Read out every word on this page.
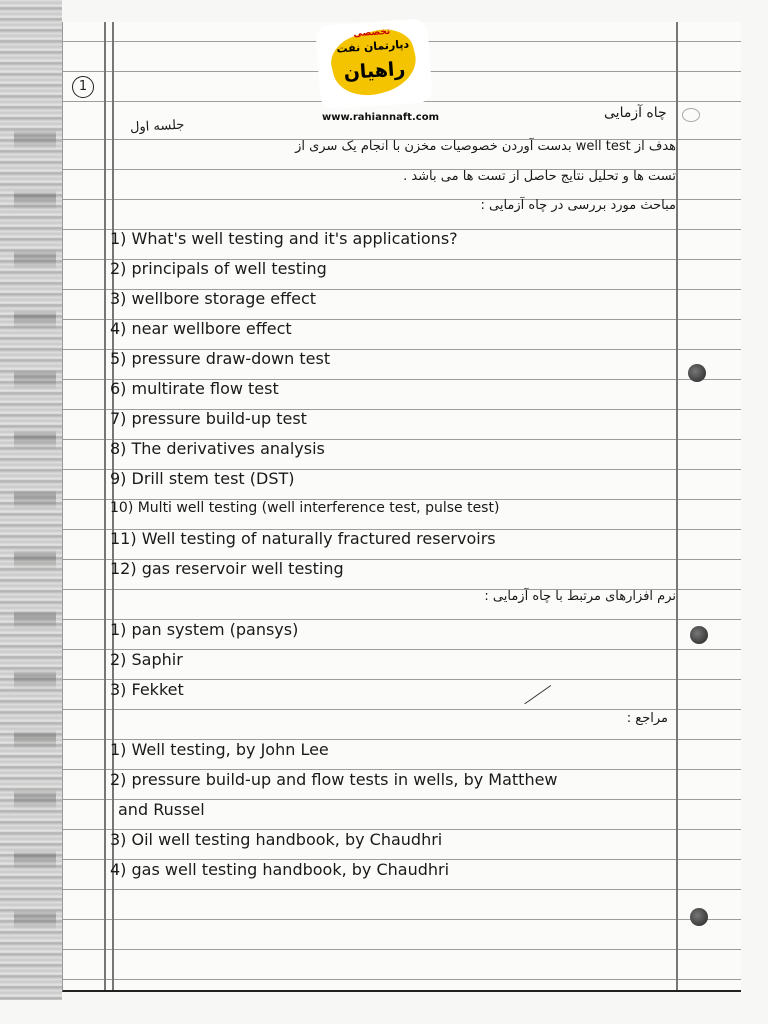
1
تخصصی
دپارتمان نفت
راهیان
www.rahiannaft.com
جلسه اول
چاه آزمایی
هدف از well test بدست آوردن خصوصیات مخزن با انجام یک سری از
تست ها و تحلیل نتایج حاصل از تست ها می باشد .
مباحث مورد بررسی در چاه آزمایی :
1) What's well testing and it's applications?
2) principals of well testing
3) wellbore storage effect
4) near wellbore effect
5) pressure draw-down test
6) multirate flow test
7) pressure build-up test
8) The derivatives analysis
9) Drill stem test (DST)
10) Multi well testing (well interference test, pulse test)
11) Well testing of naturally fractured reservoirs
12) gas reservoir well testing
نرم افزارهای مرتبط با چاه آزمایی :
1) pan system (pansys)
2) Saphir
3) Fekket
مراجع :
1) Well testing, by John Lee
2) pressure build-up and flow tests in wells, by Matthew
and Russel
3) Oil well testing handbook, by Chaudhri
4) gas well testing handbook, by Chaudhri
